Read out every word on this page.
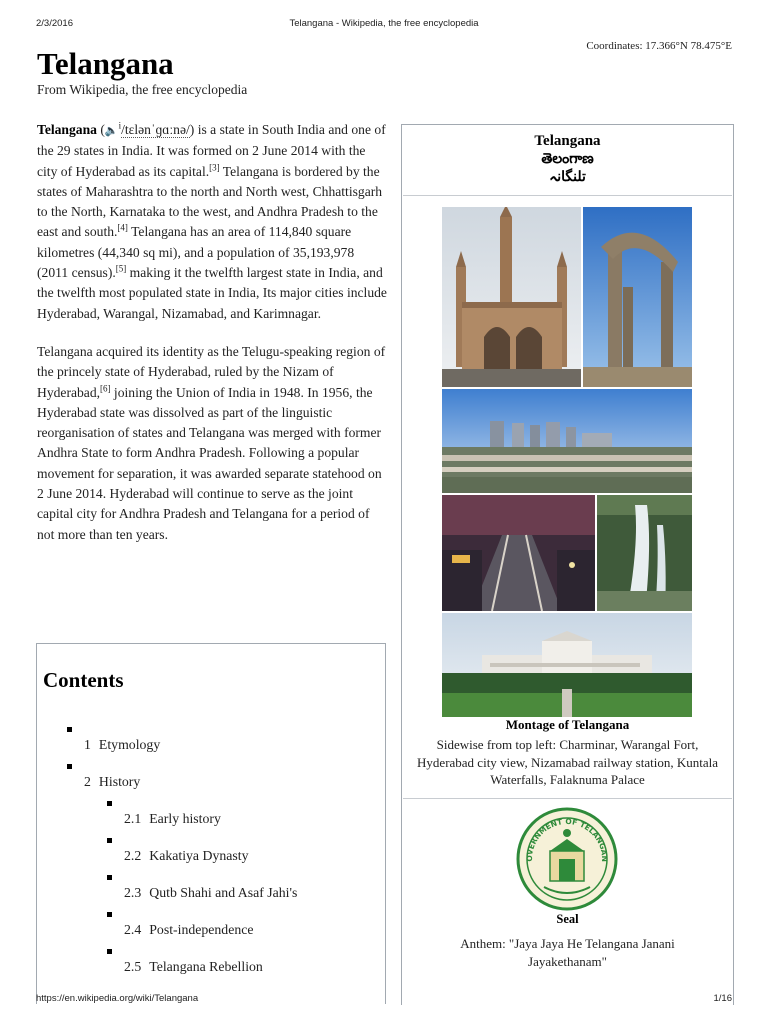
2/3/2016	Telangana - Wikipedia, the free encyclopedia
Coordinates: 17.366°N 78.475°E
Telangana
From Wikipedia, the free encyclopedia

Telangana (🔈$^i$/tɛlənˈɡɑːnə/) is a state in South India and one of the 29 states in India. It was formed on 2 June 2014 with the city of Hyderabad as its capital.[3] Telangana is bordered by the states of Maharashtra to the north and North west, Chhattisgarh to the North, Karnataka to the west, and Andhra Pradesh to the east and south.[4] Telangana has an area of 114,840 square kilometres (44,340 sq mi), and a population of 35,193,978 (2011 census).[5] making it the twelfth largest state in India, and the twelfth most populated state in India, Its major cities include Hyderabad, Warangal, Nizamabad, and Karimnagar.

Telangana acquired its identity as the Telugu-speaking region of the princely state of Hyderabad, ruled by the Nizam of Hyderabad,[6] joining the Union of India in 1948. In 1956, the Hyderabad state was dissolved as part of the linguistic reorganisation of states and Telangana was merged with former Andhra State to form Andhra Pradesh. Following a popular movement for separation, it was awarded separate statehood on 2 June 2014. Hyderabad will continue to serve as the joint capital city for Andhra Pradesh and Telangana for a period of not more than ten years.

Contents
1 Etymology
2 History
2.1 Early history
2.2 Kakatiya Dynasty
2.3 Qutb Shahi and Asaf Jahi's
2.4 Post-independence
2.5 Telangana Rebellion
Telangana
తెలంగాణ
تلنگانہ
Montage of Telangana
Sidewise from top left: Charminar, Warangal Fort, Hyderabad city view, Nizamabad railway station, Kuntala Waterfalls, Falaknuma Palace
OVERNMENT OF TELANGAN
Seal
Anthem: "Jaya Jaya He Telangana Janani Jayakethanam"
https://en.wikipedia.org/wiki/Telangana	1/16
